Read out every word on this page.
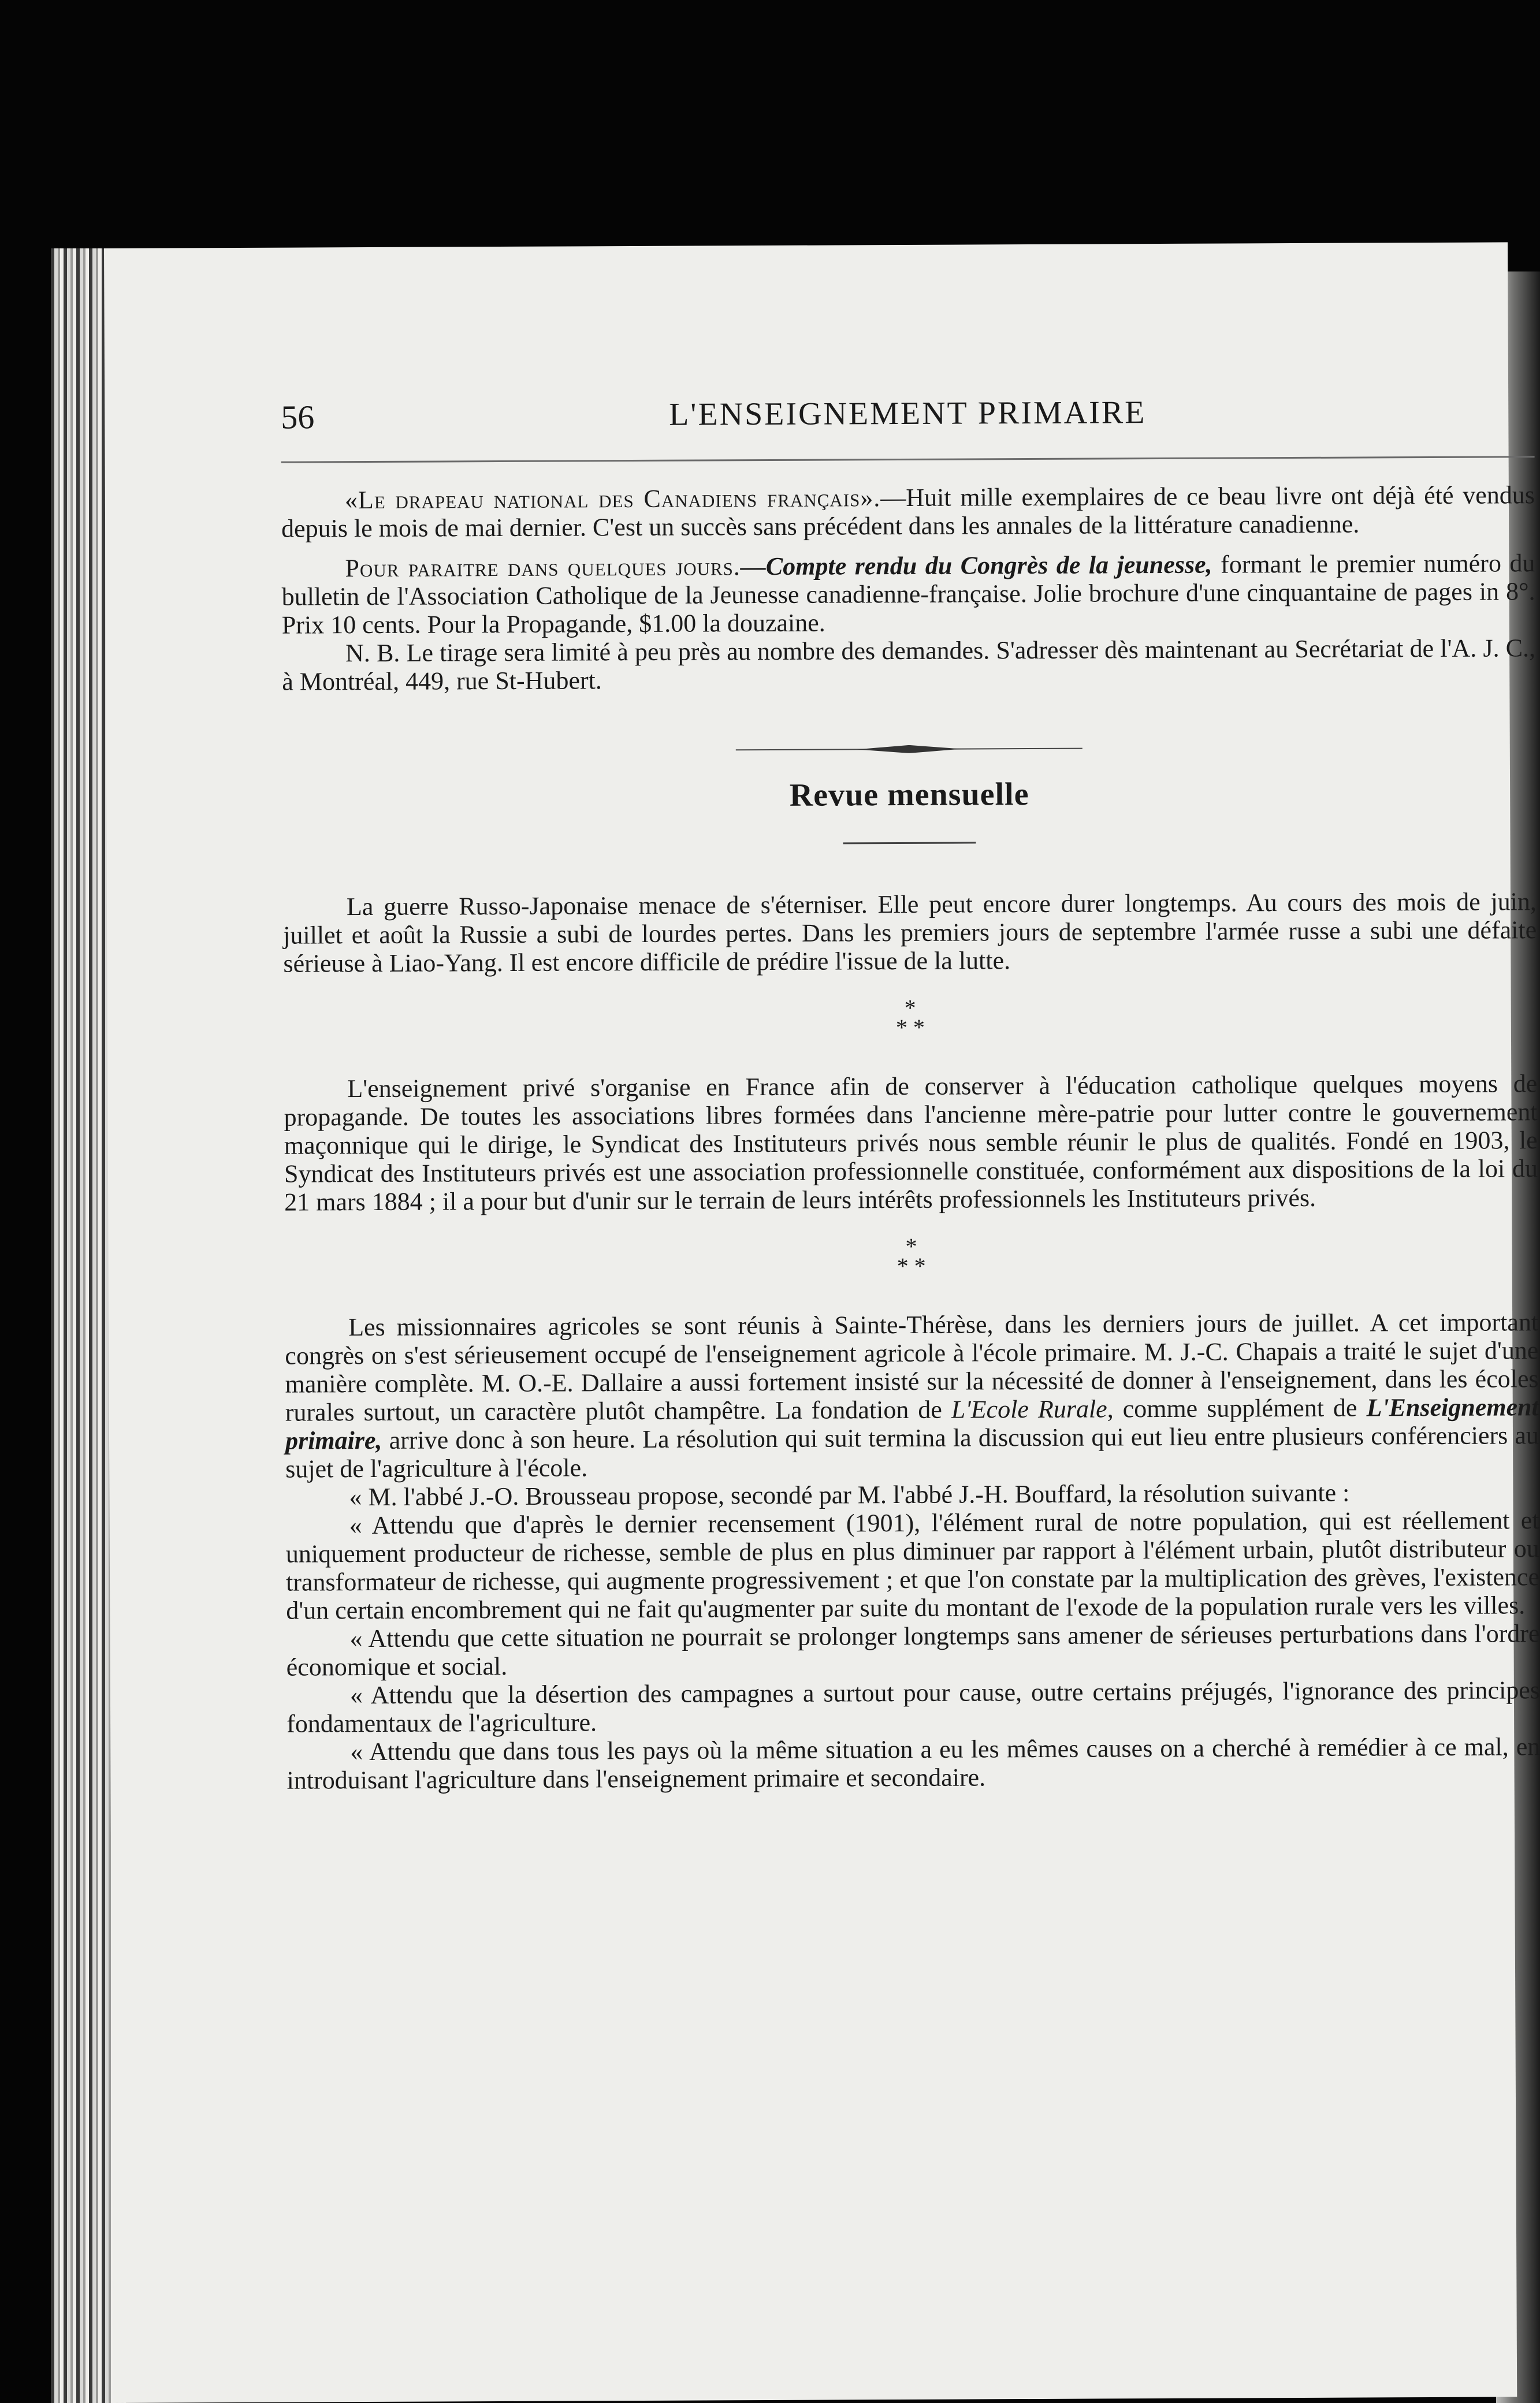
56	L'ENSEIGNEMENT PRIMAIRE

«Le drapeau national des Canadiens français».—Huit mille exemplaires de ce beau livre ont déjà été vendus depuis le mois de mai dernier. C'est un succès sans précédent dans les annales de la littérature canadienne.

Pour paraitre dans quelques jours.—Compte rendu du Congrès de la jeunesse, formant le premier numéro du bulletin de l'Association Catholique de la Jeunesse canadienne-française. Jolie brochure d'une cinquantaine de pages in 8°. Prix 10 cents. Pour la Propagande, $1.00 la douzaine.

N. B. Le tirage sera limité à peu près au nombre des demandes. S'adresser dès maintenant au Secrétariat de l'A. J. C., à Montréal, 449, rue St-Hubert.

Revue mensuelle

La guerre Russo-Japonaise menace de s'éterniser. Elle peut encore durer longtemps. Au cours des mois de juin, juillet et août la Russie a subi de lourdes pertes. Dans les premiers jours de septembre l'armée russe a subi une défaite sérieuse à Liao-Yang. Il est encore difficile de prédire l'issue de la lutte.

*
* *

L'enseignement privé s'organise en France afin de conserver à l'éducation catholique quelques moyens de propagande. De toutes les associations libres formées dans l'ancienne mère-patrie pour lutter contre le gouvernement maçonnique qui le dirige, le Syndicat des Instituteurs privés nous semble réunir le plus de qualités. Fondé en 1903, le Syndicat des Instituteurs privés est une association professionnelle constituée, conformément aux dispositions de la loi du 21 mars 1884 ; il a pour but d'unir sur le terrain de leurs intérêts professionnels les Instituteurs privés.

*
* *

Les missionnaires agricoles se sont réunis à Sainte-Thérèse, dans les derniers jours de juillet. A cet important congrès on s'est sérieusement occupé de l'enseignement agricole à l'école primaire. M. J.-C. Chapais a traité le sujet d'une manière complète. M. O.-E. Dallaire a aussi fortement insisté sur la nécessité de donner à l'enseignement, dans les écoles rurales surtout, un caractère plutôt champêtre. La fondation de L'Ecole Rurale, comme supplément de L'Enseignement primaire, arrive donc à son heure. La résolution qui suit termina la discussion qui eut lieu entre plusieurs conférenciers au sujet de l'agriculture à l'école.

« M. l'abbé J.-O. Brousseau propose, secondé par M. l'abbé J.-H. Bouffard, la résolution suivante :

« Attendu que d'après le dernier recensement (1901), l'élément rural de notre population, qui est réellement et uniquement producteur de richesse, semble de plus en plus diminuer par rapport à l'élément urbain, plutôt distributeur ou transformateur de richesse, qui augmente progressivement ; et que l'on constate par la multiplication des grèves, l'existence d'un certain encombrement qui ne fait qu'augmenter par suite du montant de l'exode de la population rurale vers les villes.

« Attendu que cette situation ne pourrait se prolonger longtemps sans amener de sérieuses perturbations dans l'ordre économique et social.

« Attendu que la désertion des campagnes a surtout pour cause, outre certains préjugés, l'ignorance des principes fondamentaux de l'agriculture.

« Attendu que dans tous les pays où la même situation a eu les mêmes causes on a cherché à remédier à ce mal, en introduisant l'agriculture dans l'enseignement primaire et secondaire.
